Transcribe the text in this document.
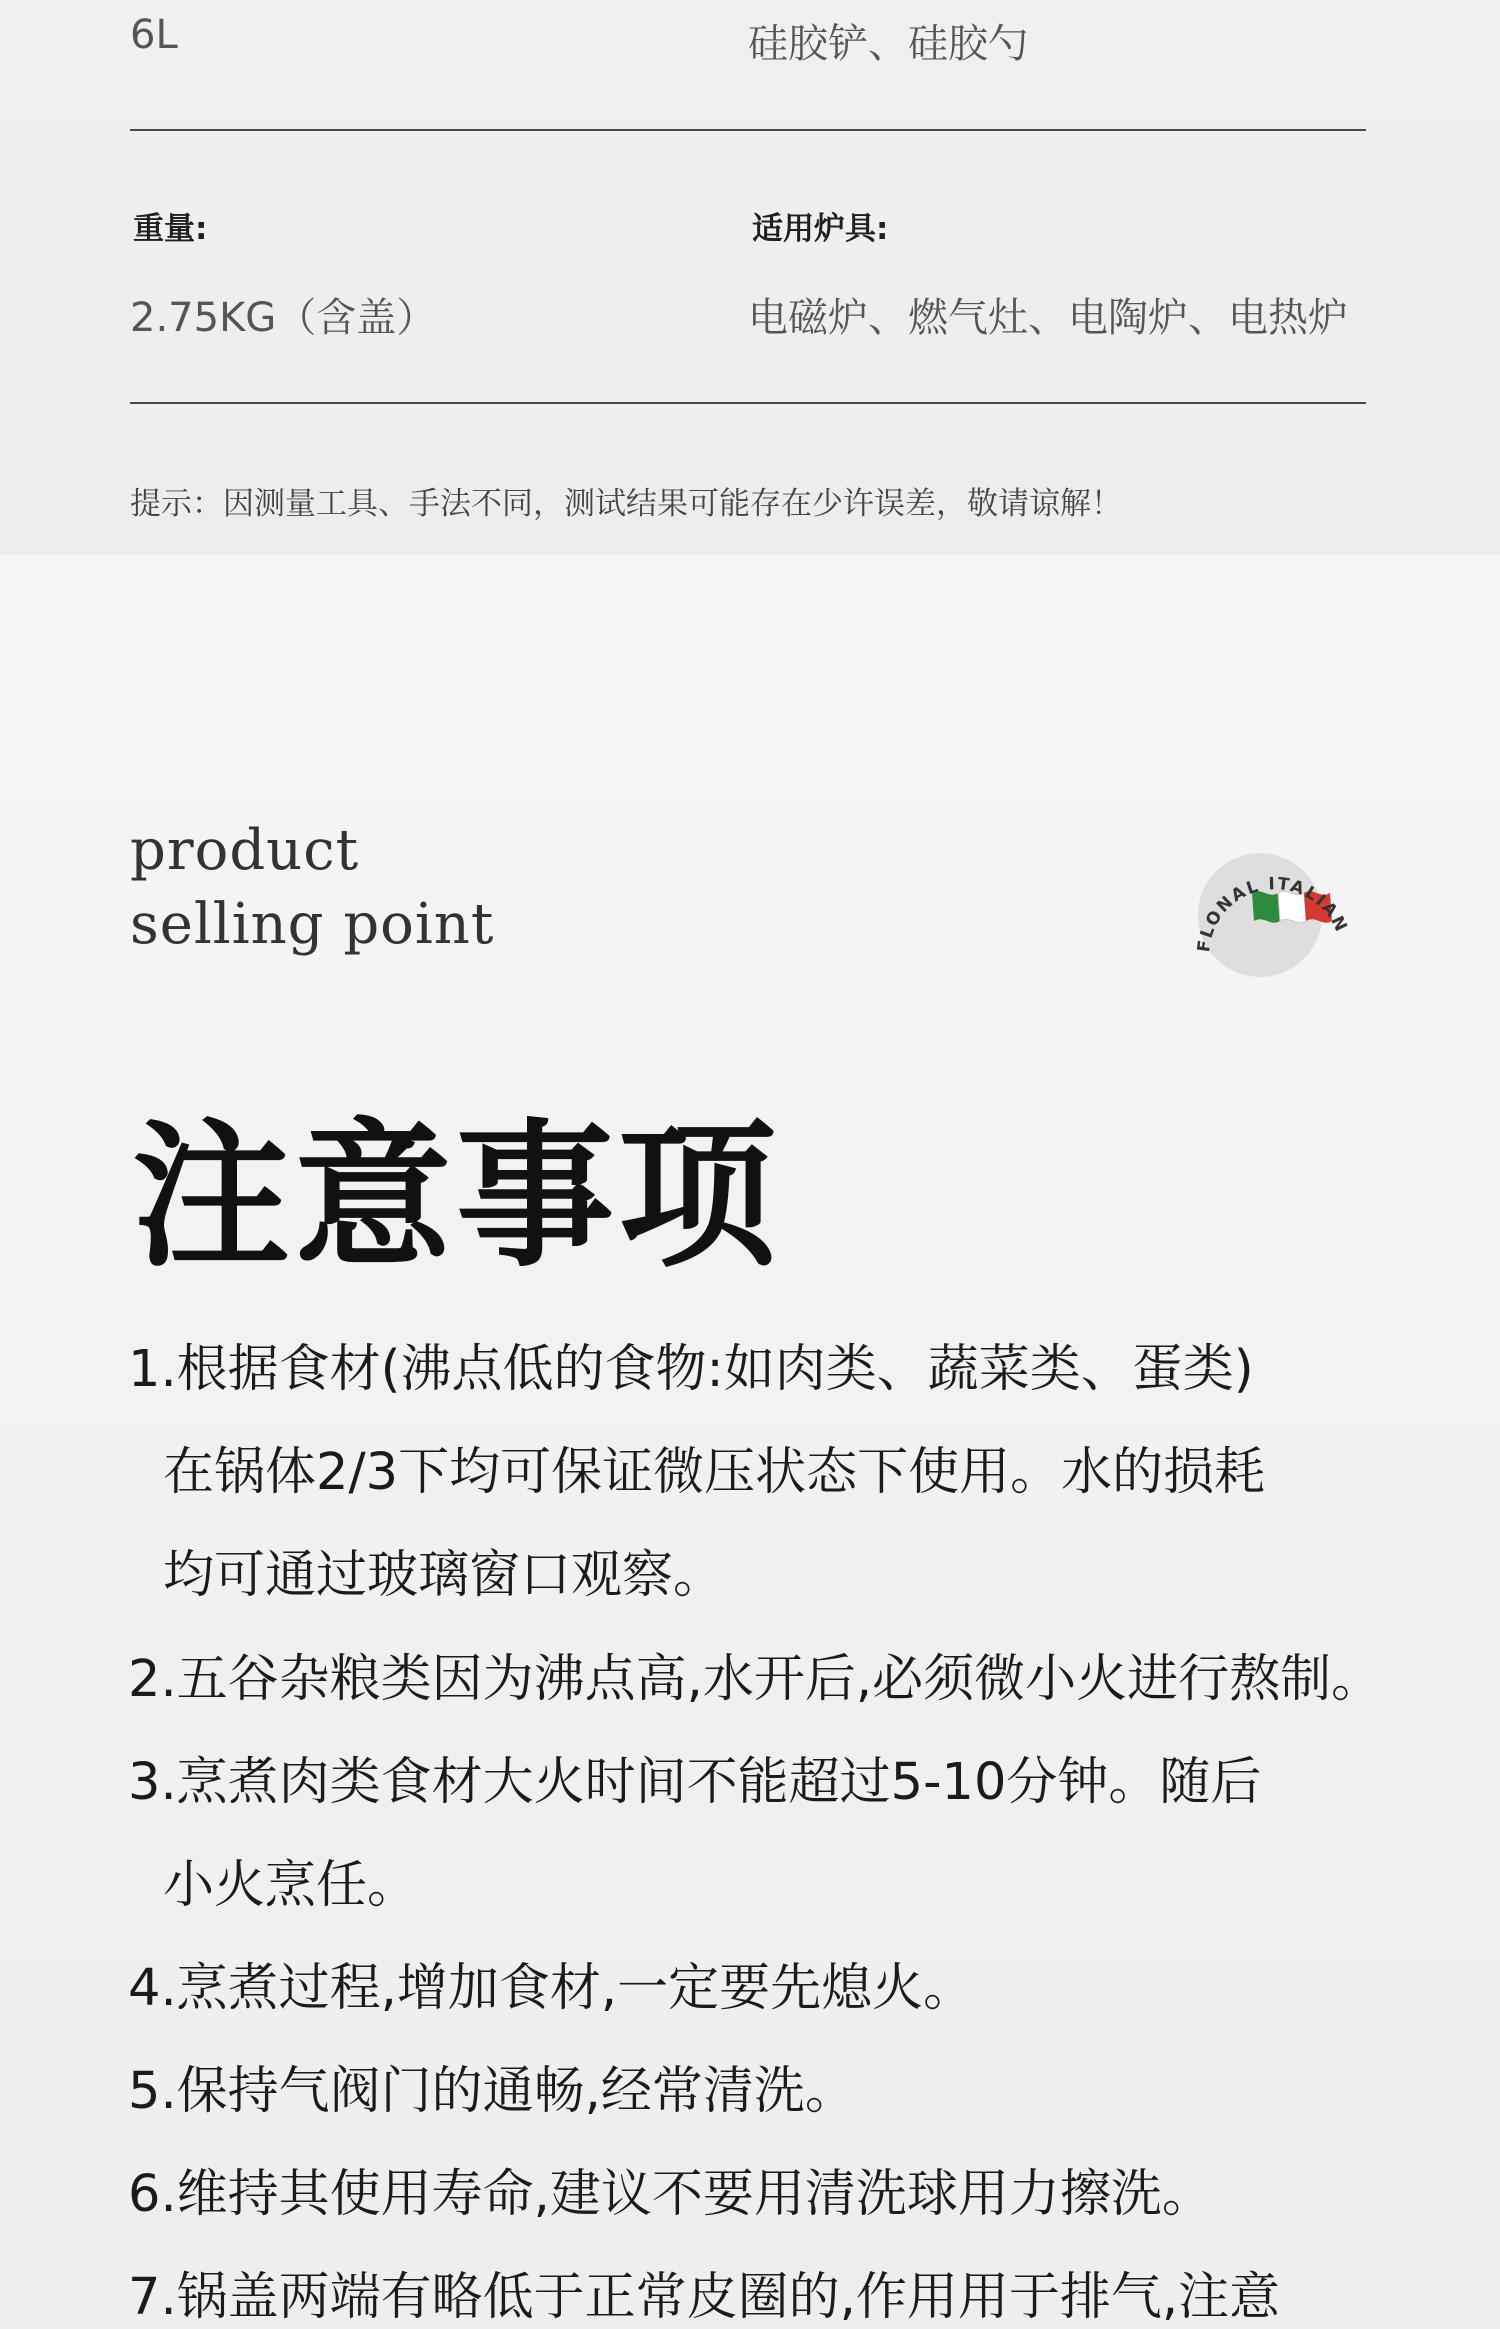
6L	硅胶铲、硅胶勺
重量:	适用炉具:
2.75KG（含盖）	电磁炉、燃气灶、电陶炉、电热炉
提示：因测量工具、手法不同，测试结果可能存在少许误差，敬请谅解！
product
selling point	FLONAL ITALIAN
注意事项
1.根据食材(沸点低的食物:如肉类、蔬菜类、蛋类)
在锅体2/3下均可保证微压状态下使用。水的损耗
均可通过玻璃窗口观察。
2.五谷杂粮类因为沸点高,水开后,必须微小火进行熬制。
3.烹煮肉类食材大火时间不能超过5-10分钟。随后
小火烹任。
4.烹煮过程,增加食材,一定要先熄火。
5.保持气阀门的通畅,经常清洗。
6.维持其使用寿命,建议不要用清洗球用力擦洗。
7.锅盖两端有略低于正常皮圈的,作用用于排气,注意
